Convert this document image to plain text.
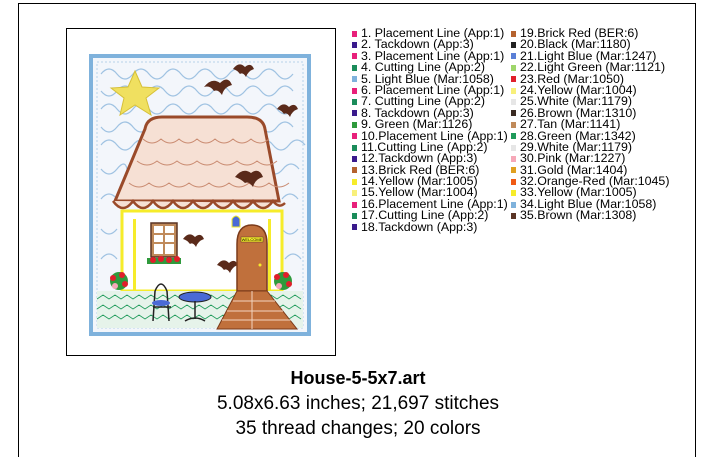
WELCOME
1. Placement Line (App:1)
2. Tackdown (App:3)
3. Placement Line (App:1)
4. Cutting Line (App:2)
5. Light Blue (Mar:1058)
6. Placement Line (App:1)
7. Cutting Line (App:2)
8. Tackdown (App:3)
9. Green (Mar:1126)
10.Placement Line (App:1)
11.Cutting Line (App:2)
12.Tackdown (App:3)
13.Brick Red (BER:6)
14.Yellow (Mar:1005)
15.Yellow (Mar:1004)
16.Placement Line (App:1)
17.Cutting Line (App:2)
18.Tackdown (App:3)
19.Brick Red (BER:6)
20.Black (Mar:1180)
21.Light Blue (Mar:1247)
22.Light Green (Mar:1121)
23.Red (Mar:1050)
24.Yellow (Mar:1004)
25.White (Mar:1179)
26.Brown (Mar:1310)
27.Tan (Mar:1141)
28.Green (Mar:1342)
29.White (Mar:1179)
30.Pink (Mar:1227)
31.Gold (Mar:1404)
32.Orange-Red (Mar:1045)
33.Yellow (Mar:1005)
34.Light Blue (Mar:1058)
35.Brown (Mar:1308)
House-5-5x7.art
5.08x6.63 inches; 21,697 stitches
35 thread changes; 20 colors
